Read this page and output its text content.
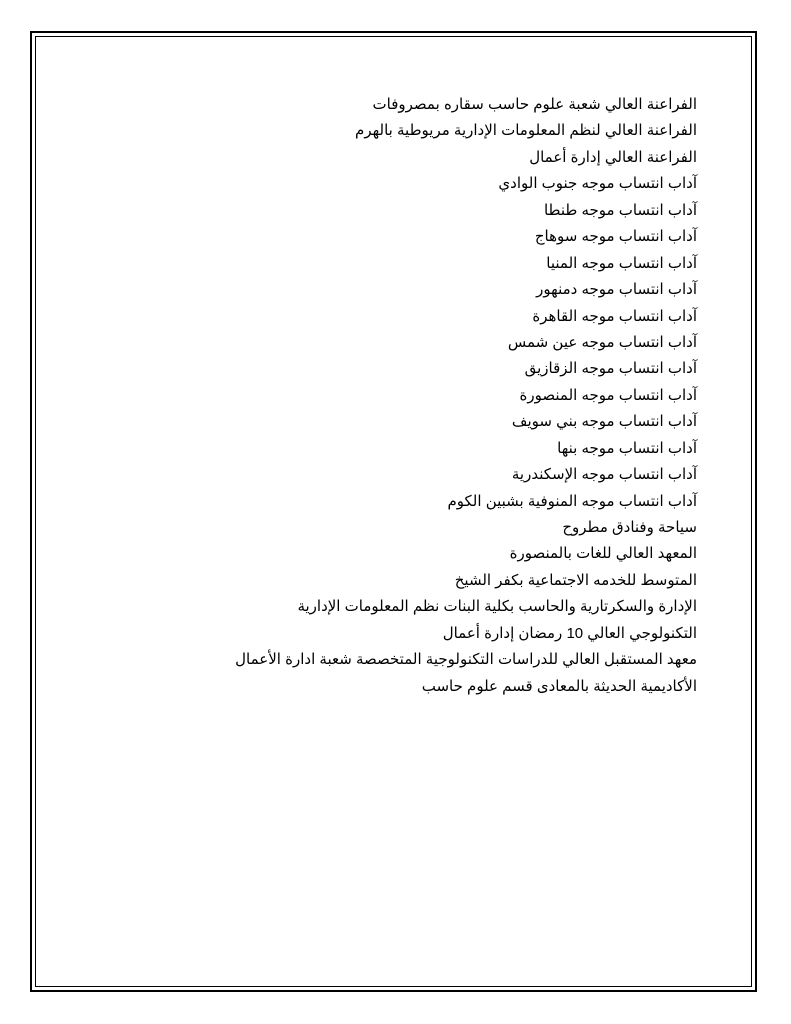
الفراعنة العالي شعبة علوم حاسب سقاره بمصروفات
الفراعنة العالي لنظم المعلومات الإدارية مريوطية بالهرم
الفراعنة العالي إدارة أعمال
آداب انتساب موجه جنوب الوادي
آداب انتساب موجه طنطا
آداب انتساب موجه سوهاج
آداب انتساب موجه المنيا
آداب انتساب موجه دمنهور
آداب انتساب موجه القاهرة
آداب انتساب موجه عين شمس
آداب انتساب موجه الزقازيق
آداب انتساب موجه المنصورة
آداب انتساب موجه بني سويف
آداب انتساب موجه بنها
آداب انتساب موجه الإسكندرية
آداب انتساب موجه المنوفية بشبين الكوم
سياحة وفنادق مطروح
المعهد العالي للغات بالمنصورة
المتوسط للخدمه الاجتماعية بكفر الشيخ
الإدارة والسكرتارية والحاسب بكلية البنات نظم المعلومات الإدارية
التكنولوجي العالي 10 رمضان إدارة أعمال
معهد المستقبل العالي للدراسات التكنولوجية المتخصصة شعبة ادارة الأعمال
الأكاديمية الحديثة بالمعادى قسم علوم حاسب
